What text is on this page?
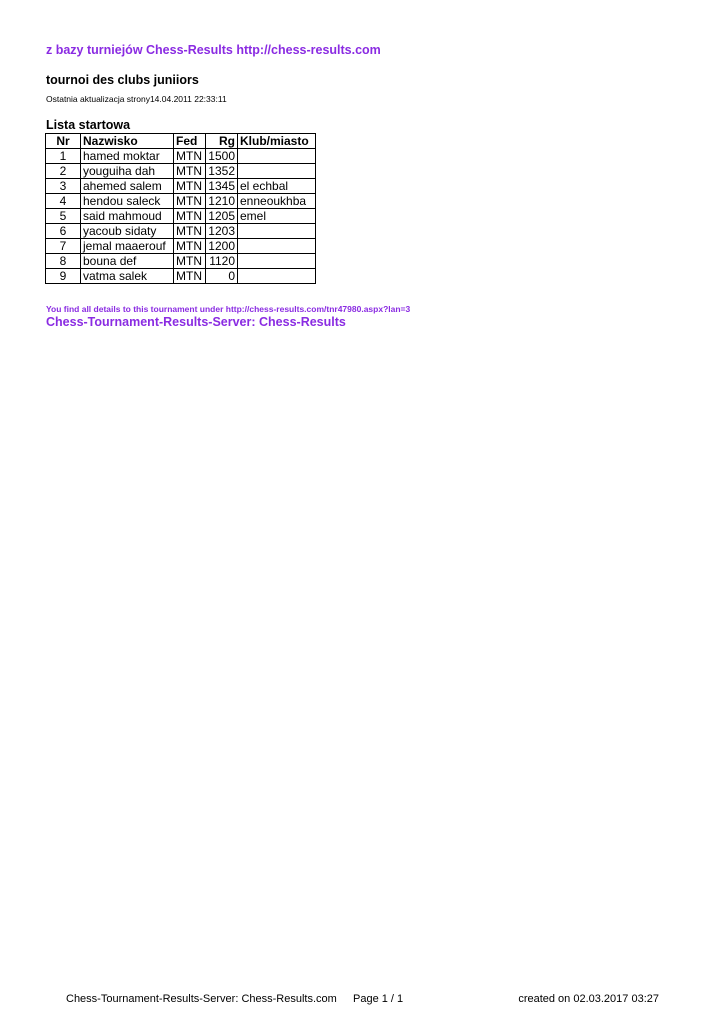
z bazy turniejów Chess-Results http://chess-results.com
tournoi des clubs juniiors
Ostatnia aktualizacja strony14.04.2011 22:33:11
Lista startowa
Nr	Nazwisko	Fed	Rg	Klub/miasto
1	hamed moktar	MTN	1500	
2	youguiha dah	MTN	1352	
3	ahemed salem	MTN	1345	el echbal
4	hendou saleck	MTN	1210	enneoukhba
5	said mahmoud	MTN	1205	emel
6	yacoub sidaty	MTN	1203	
7	jemal maaerouf	MTN	1200	
8	bouna def	MTN	1120	
9	vatma salek	MTN	0	
You find all details to this tournament under http://chess-results.com/tnr47980.aspx?lan=3
Chess-Tournament-Results-Server: Chess-Results
Chess-Tournament-Results-Server: Chess-Results.com Page 1 / 1	created on 02.03.2017 03:27
